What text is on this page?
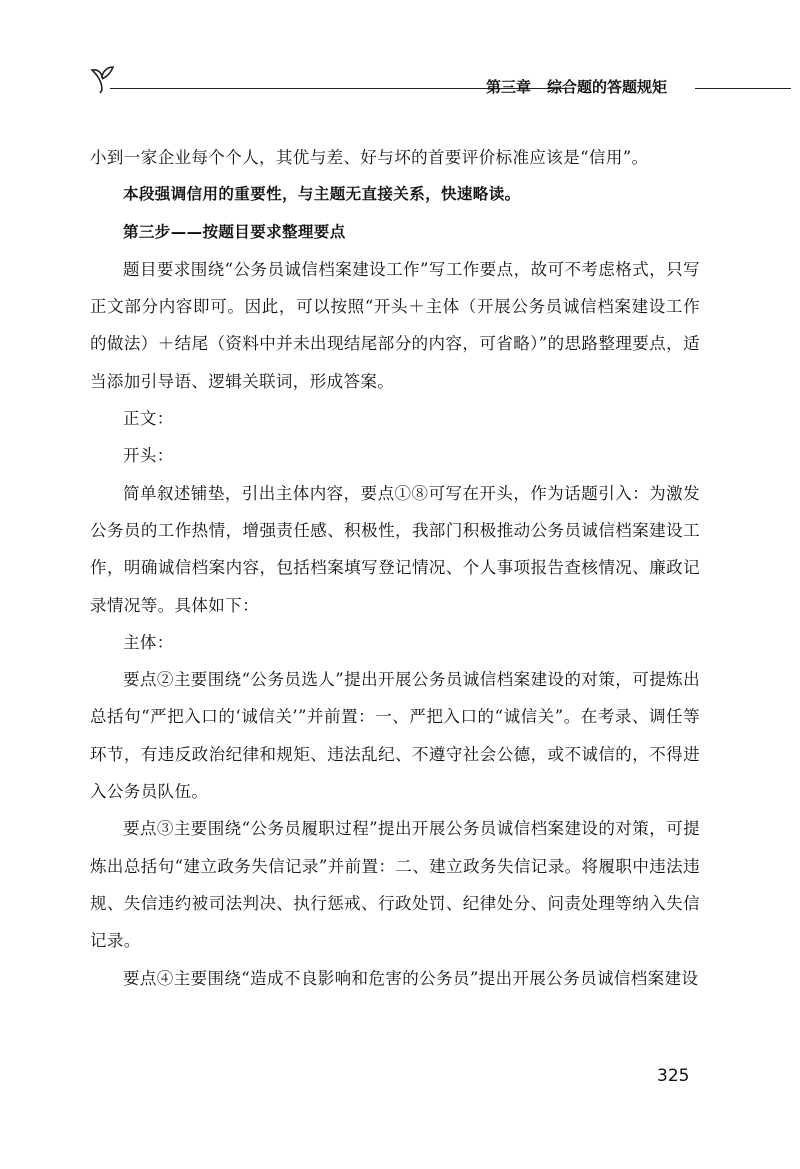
第三章 综合题的答题规矩

小到一家企业每个个人，其优与差、好与坏的首要评价标准应该是“信用”。

本段强调信用的重要性，与主题无直接关系，快速略读。

第三步——按题目要求整理要点

题目要求围绕“公务员诚信档案建设工作”写工作要点，故可不考虑格式，只写正文部分内容即可。因此，可以按照“开头＋主体（开展公务员诚信档案建设工作的做法）＋结尾（资料中并未出现结尾部分的内容，可省略）”的思路整理要点，适当添加引导语、逻辑关联词，形成答案。

正文：

开头：

简单叙述铺垫，引出主体内容，要点①⑧可写在开头，作为话题引入：为激发公务员的工作热情，增强责任感、积极性，我部门积极推动公务员诚信档案建设工作，明确诚信档案内容，包括档案填写登记情况、个人事项报告查核情况、廉政记录情况等。具体如下：

主体：

要点②主要围绕“公务员选人”提出开展公务员诚信档案建设的对策，可提炼出总括句“严把入口的‘诚信关’”并前置：一、严把入口的“诚信关”。在考录、调任等环节，有违反政治纪律和规矩、违法乱纪、不遵守社会公德，或不诚信的，不得进入公务员队伍。

要点③主要围绕“公务员履职过程”提出开展公务员诚信档案建设的对策，可提炼出总括句“建立政务失信记录”并前置：二、建立政务失信记录。将履职中违法违规、失信违约被司法判决、执行惩戒、行政处罚、纪律处分、问责处理等纳入失信记录。

要点④主要围绕“造成不良影响和危害的公务员”提出开展公务员诚信档案建设

325
